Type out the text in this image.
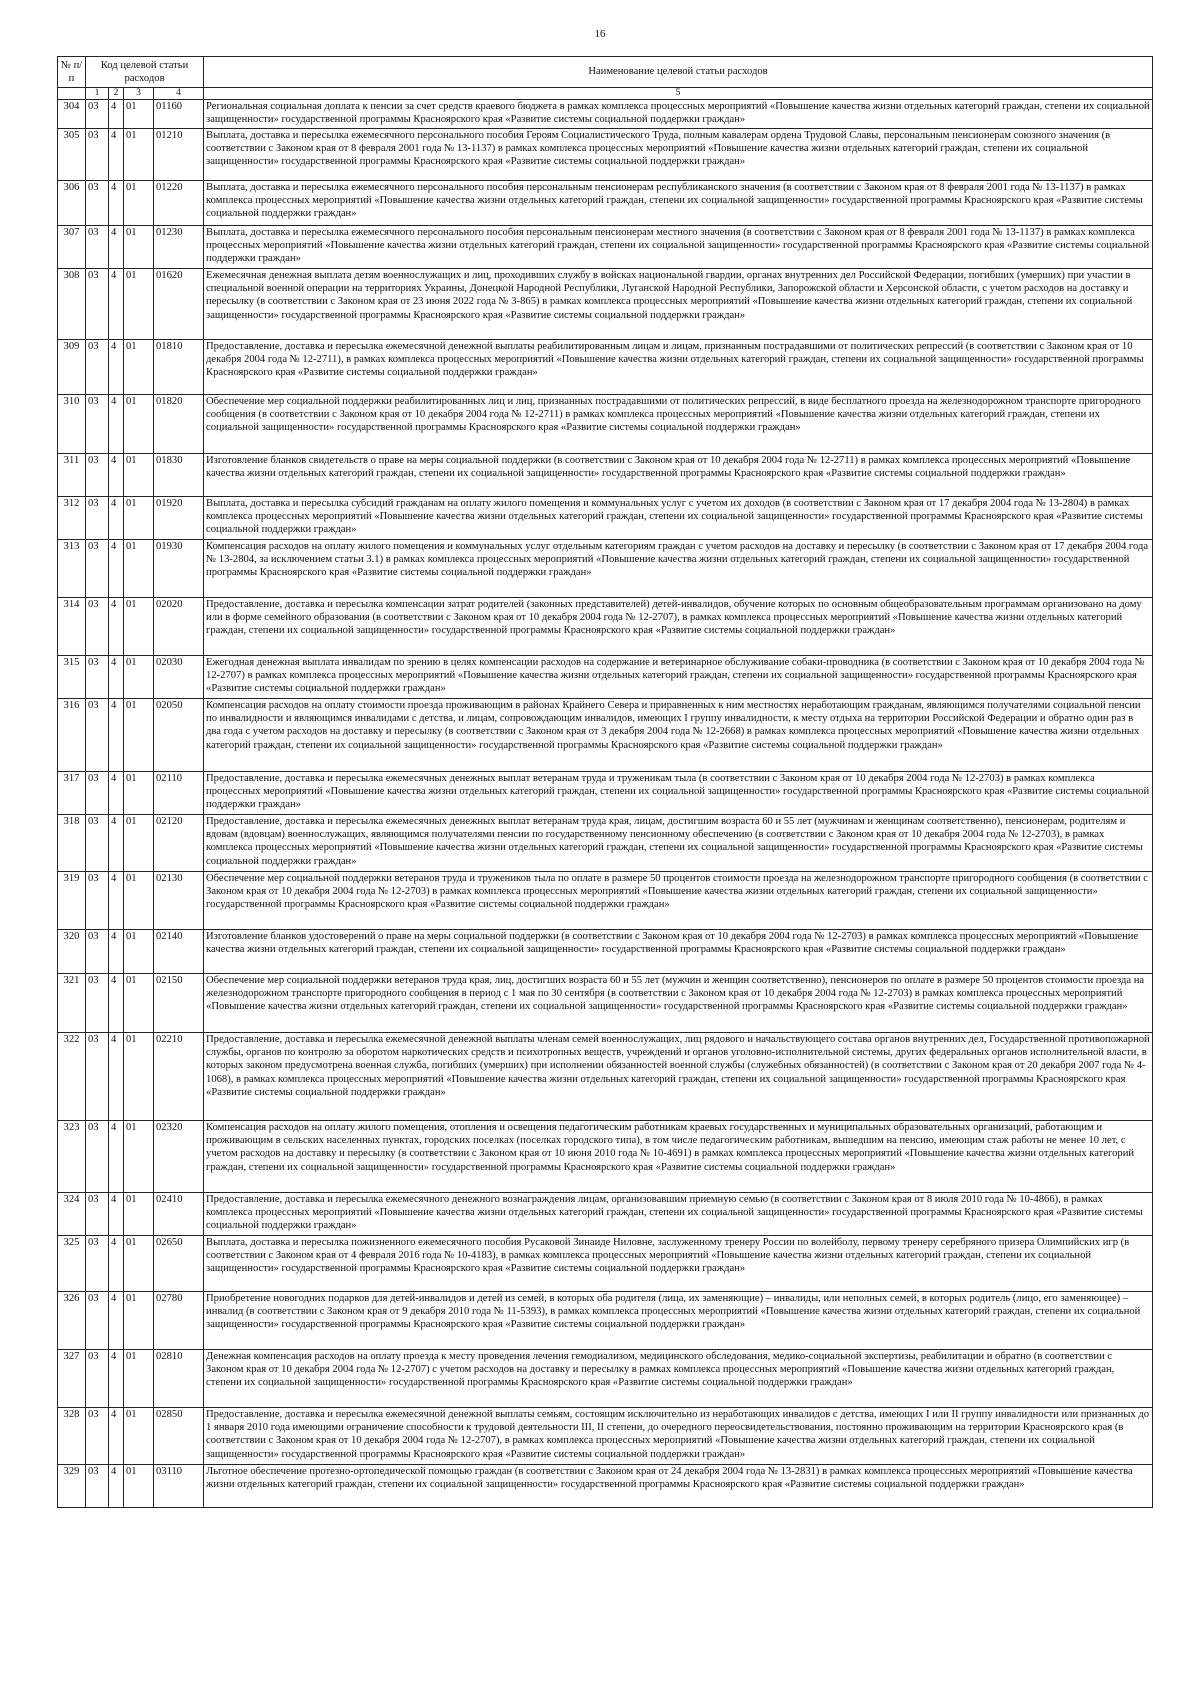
16
№ п/п	Код целевой статьи расходов				Наименование целевой статьи расходов

	1	2	3	4	5
304	03	4	01	01160	Региональная социальная доплата к пенсии за счет средств краевого бюджета в рамках комплекса процессных мероприятий «Повышение качества жизни отдельных категорий граждан, степени их социальной защищенности» государственной программы Красноярского края «Развитие системы социальной поддержки граждан»
305	03	4	01	01210	Выплата, доставка и пересылка ежемесячного персонального пособия Героям Социалистического Труда, полным кавалерам ордена Трудовой Славы, персональным пенсионерам союзного значения (в соответствии с Законом края от 8 февраля 2001 года № 13-1137) в рамках комплекса процессных мероприятий «Повышение качества жизни отдельных категорий граждан, степени их социальной защищенности» государственной программы Красноярского края «Развитие системы социальной поддержки граждан»
306	03	4	01	01220	Выплата, доставка и пересылка ежемесячного персонального пособия персональным пенсионерам республиканского значения (в соответствии с Законом края от 8 февраля 2001 года № 13-1137) в рамках комплекса процессных мероприятий «Повышение качества жизни отдельных категорий граждан, степени их социальной защищенности» государственной программы Красноярского края «Развитие системы социальной поддержки граждан»
307	03	4	01	01230	Выплата, доставка и пересылка ежемесячного персонального пособия персональным пенсионерам местного значения (в соответствии с Законом края от 8 февраля 2001 года № 13-1137) в рамках комплекса процессных мероприятий «Повышение качества жизни отдельных категорий граждан, степени их социальной защищенности» государственной программы Красноярского края «Развитие системы социальной поддержки граждан»
308	03	4	01	01620	Ежемесячная денежная выплата детям военнослужащих и лиц, проходивших службу в войсках национальной гвардии, органах внутренних дел Российской Федерации, погибших (умерших) при участии в специальной военной операции на территориях Украины, Донецкой Народной Республики, Луганской Народной Республики, Запорожской области и Херсонской области, с учетом расходов на доставку и пересылку (в соответствии с Законом края от 23 июня 2022 года № 3-865) в рамках комплекса процессных мероприятий «Повышение качества жизни отдельных категорий граждан, степени их социальной защищенности» государственной программы Красноярского края «Развитие системы социальной поддержки граждан»
309	03	4	01	01810	Предоставление, доставка и пересылка ежемесячной денежной выплаты реабилитированным лицам и лицам, признанным пострадавшими от политических репрессий (в соответствии с Законом края от 10 декабря 2004 года № 12-2711), в рамках комплекса процессных мероприятий «Повышение качества жизни отдельных категорий граждан, степени их социальной защищенности» государственной программы Красноярского края «Развитие системы социальной поддержки граждан»
310	03	4	01	01820	Обеспечение мер социальной поддержки реабилитированных лиц и лиц, признанных пострадавшими от политических репрессий, в виде бесплатного проезда на железнодорожном транспорте пригородного сообщения (в соответствии с Законом края от 10 декабря 2004 года № 12-2711) в рамках комплекса процессных мероприятий «Повышение качества жизни отдельных категорий граждан, степени их социальной защищенности» государственной программы Красноярского края «Развитие системы социальной поддержки граждан»
311	03	4	01	01830	Изготовление бланков свидетельств о праве на меры социальной поддержки (в соответствии с Законом края от 10 декабря 2004 года № 12-2711) в рамках комплекса процессных мероприятий «Повышение качества жизни отдельных категорий граждан, степени их социальной защищенности» государственной программы Красноярского края «Развитие системы социальной поддержки граждан»
312	03	4	01	01920	Выплата, доставка и пересылка субсидий гражданам на оплату жилого помещения и коммунальных услуг с учетом их доходов (в соответствии с Законом края от 17 декабря 2004 года № 13-2804) в рамках комплекса процессных мероприятий «Повышение качества жизни отдельных категорий граждан, степени их социальной защищенности» государственной программы Красноярского края «Развитие системы социальной поддержки граждан»
313	03	4	01	01930	Компенсация расходов на оплату жилого помещения и коммунальных услуг отдельным категориям граждан с учетом расходов на доставку и пересылку (в соответствии с Законом края от 17 декабря 2004 года № 13-2804, за исключением статьи 3.1) в рамках комплекса процессных мероприятий «Повышение качества жизни отдельных категорий граждан, степени их социальной защищенности» государственной программы Красноярского края «Развитие системы социальной поддержки граждан»
314	03	4	01	02020	Предоставление, доставка и пересылка компенсации затрат родителей (законных представителей) детей-инвалидов, обучение которых по основным общеобразовательным программам организовано на дому или в форме семейного образования (в соответствии с Законом края от 10 декабря 2004 года № 12-2707), в рамках комплекса процессных мероприятий «Повышение качества жизни отдельных категорий граждан, степени их социальной защищенности» государственной программы Красноярского края «Развитие системы социальной поддержки граждан»
315	03	4	01	02030	Ежегодная денежная выплата инвалидам по зрению в целях компенсации расходов на содержание и ветеринарное обслуживание собаки-проводника (в соответствии с Законом края от 10 декабря 2004 года № 12-2707) в рамках комплекса процессных мероприятий «Повышение качества жизни отдельных категорий граждан, степени их социальной защищенности» государственной программы Красноярского края «Развитие системы социальной поддержки граждан»
316	03	4	01	02050	Компенсация расходов на оплату стоимости проезда проживающим в районах Крайнего Севера и приравненных к ним местностях неработающим гражданам, являющимся получателями социальной пенсии по инвалидности и являющимся инвалидами с детства, и лицам, сопровождающим инвалидов, имеющих I группу инвалидности, к месту отдыха на территории Российской Федерации и обратно один раз в два года с учетом расходов на доставку и пересылку (в соответствии с Законом края от 3 декабря 2004 года № 12-2668) в рамках комплекса процессных мероприятий «Повышение качества жизни отдельных категорий граждан, степени их социальной защищенности» государственной программы Красноярского края «Развитие системы социальной поддержки граждан»
317	03	4	01	02110	Предоставление, доставка и пересылка ежемесячных денежных выплат ветеранам труда и труженикам тыла (в соответствии с Законом края от 10 декабря 2004 года № 12-2703) в рамках комплекса процессных мероприятий «Повышение качества жизни отдельных категорий граждан, степени их социальной защищенности» государственной программы Красноярского края «Развитие системы социальной поддержки граждан»
318	03	4	01	02120	Предоставление, доставка и пересылка ежемесячных денежных выплат ветеранам труда края, лицам, достигшим возраста 60 и 55 лет (мужчинам и женщинам соответственно), пенсионерам, родителям и вдовам (вдовцам) военнослужащих, являющимся получателями пенсии по государственному пенсионному обеспечению (в соответствии с Законом края от 10 декабря 2004 года № 12-2703), в рамках комплекса процессных мероприятий «Повышение качества жизни отдельных категорий граждан, степени их социальной защищенности» государственной программы Красноярского края «Развитие системы социальной поддержки граждан»
319	03	4	01	02130	Обеспечение мер социальной поддержки ветеранов труда и тружеников тыла по оплате в размере 50 процентов стоимости проезда на железнодорожном транспорте пригородного сообщения (в соответствии с Законом края от 10 декабря 2004 года № 12-2703) в рамках комплекса процессных мероприятий «Повышение качества жизни отдельных категорий граждан, степени их социальной защищенности» государственной программы Красноярского края «Развитие системы социальной поддержки граждан»
320	03	4	01	02140	Изготовление бланков удостоверений о праве на меры социальной поддержки (в соответствии с Законом края от 10 декабря 2004 года № 12-2703) в рамках комплекса процессных мероприятий «Повышение качества жизни отдельных категорий граждан, степени их социальной защищенности» государственной программы Красноярского края «Развитие системы социальной поддержки граждан»
321	03	4	01	02150	Обеспечение мер социальной поддержки ветеранов труда края, лиц, достигших возраста 60 и 55 лет (мужчин и женщин соответственно), пенсионеров по оплате в размере 50 процентов стоимости проезда на железнодорожном транспорте пригородного сообщения в период с 1 мая по 30 сентября (в соответствии с Законом края от 10 декабря 2004 года № 12-2703) в рамках комплекса процессных мероприятий «Повышение качества жизни отдельных категорий граждан, степени их социальной защищенности» государственной программы Красноярского края «Развитие системы социальной поддержки граждан»
322	03	4	01	02210	Предоставление, доставка и пересылка ежемесячной денежной выплаты членам семей военнослужащих, лиц рядового и начальствующего состава органов внутренних дел, Государственной противопожарной службы, органов по контролю за оборотом наркотических средств и психотропных веществ, учреждений и органов уголовно-исполнительной системы, других федеральных органов исполнительной власти, в которых законом предусмотрена военная служба, погибших (умерших) при исполнении обязанностей военной службы (служебных обязанностей) (в соответствии с Законом края от 20 декабря 2007 года № 4-1068), в рамках комплекса процессных мероприятий «Повышение качества жизни отдельных категорий граждан, степени их социальной защищенности» государственной программы Красноярского края «Развитие системы социальной поддержки граждан»
323	03	4	01	02320	Компенсация расходов на оплату жилого помещения, отопления и освещения педагогическим работникам краевых государственных и муниципальных образовательных организаций, работающим и проживающим в сельских населенных пунктах, городских поселках (поселках городского типа), в том числе педагогическим работникам, вышедшим на пенсию, имеющим стаж работы не менее 10 лет, с учетом расходов на доставку и пересылку (в соответствии с Законом края от 10 июня 2010 года № 10-4691) в рамках комплекса процессных мероприятий «Повышение качества жизни отдельных категорий граждан, степени их социальной защищенности» государственной программы Красноярского края «Развитие системы социальной поддержки граждан»
324	03	4	01	02410	Предоставление, доставка и пересылка ежемесячного денежного вознаграждения лицам, организовавшим приемную семью (в соответствии с Законом края от 8 июля 2010 года № 10-4866), в рамках комплекса процессных мероприятий «Повышение качества жизни отдельных категорий граждан, степени их социальной защищенности» государственной программы Красноярского края «Развитие системы социальной поддержки граждан»
325	03	4	01	02650	Выплата, доставка и пересылка пожизненного ежемесячного пособия Русаковой Зинаиде Ниловне, заслуженному тренеру России по волейболу, первому тренеру серебряного призера Олимпийских игр (в соответствии с Законом края от 4 февраля 2016 года № 10-4183), в рамках комплекса процессных мероприятий «Повышение качества жизни отдельных категорий граждан, степени их социальной защищенности» государственной программы Красноярского края «Развитие системы социальной поддержки граждан»
326	03	4	01	02780	Приобретение новогодних подарков для детей-инвалидов и детей из семей, в которых оба родителя (лица, их заменяющие) – инвалиды, или неполных семей, в которых родитель (лицо, его заменяющее) – инвалид (в соответствии с Законом края от 9 декабря 2010 года № 11-5393), в рамках комплекса процессных мероприятий «Повышение качества жизни отдельных категорий граждан, степени их социальной защищенности» государственной программы Красноярского края «Развитие системы социальной поддержки граждан»
327	03	4	01	02810	Денежная компенсация расходов на оплату проезда к месту проведения лечения гемодиализом, медицинского обследования, медико-социальной экспертизы, реабилитации и обратно (в соответствии с Законом края от 10 декабря 2004 года № 12-2707) с учетом расходов на доставку и пересылку в рамках комплекса процессных мероприятий «Повышение качества жизни отдельных категорий граждан, степени их социальной защищенности» государственной программы Красноярского края «Развитие системы социальной поддержки граждан»
328	03	4	01	02850	Предоставление, доставка и пересылка ежемесячной денежной выплаты семьям, состоящим исключительно из неработающих инвалидов с детства, имеющих I или II группу инвалидности или признанных до 1 января 2010 года имеющими ограничение способности к трудовой деятельности III, II степени, до очередного переосвидетельствования, постоянно проживающим на территории Красноярского края (в соответствии с Законом края от 10 декабря 2004 года № 12-2707), в рамках комплекса процессных мероприятий «Повышение качества жизни отдельных категорий граждан, степени их социальной защищенности» государственной программы Красноярского края «Развитие системы социальной поддержки граждан»
329	03	4	01	03110	Льготное обеспечение протезно-ортопедической помощью граждан (в соответствии с Законом края от 24 декабря 2004 года № 13-2831) в рамках комплекса процессных мероприятий «Повышение качества жизни отдельных категорий граждан, степени их социальной защищенности» государственной программы Красноярского края «Развитие системы социальной поддержки граждан»
